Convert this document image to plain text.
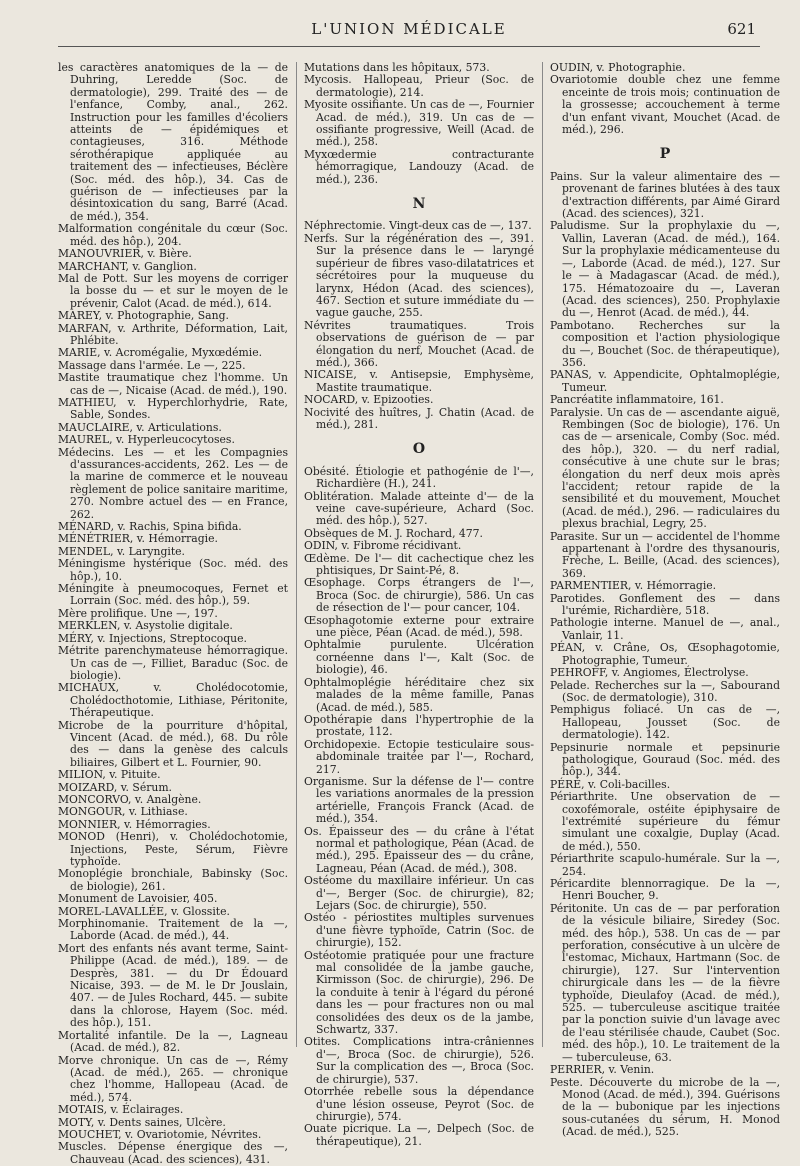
L'UNION MÉDICALE	621

les caractères anatomiques de la — de Duhring, Leredde (Soc. de dermatologie), 299. Traité des — de l'enfance, Comby, anal., 262. Instruction pour les familles d'écoliers atteints de — épidémiques et contagieuses, 316. Méthode sérothérapique appliquée au traitement des — infectieuses, Béclère (Soc. méd. des hôp.), 34. Cas de guérison de — infectieuses par la désintoxication du sang, Barré (Acad. de méd.), 354.

Malformation congénitale du cœur (Soc. méd. des hôp.), 204.

MANOUVRIER, v. Bière.

MARCHANT, v. Ganglion.

Mal de Pott. Sur les moyens de corriger la bosse du — et sur le moyen de le prévenir, Calot (Acad. de méd.), 614.

MAREY, v. Photographie, Sang.

MARFAN, v. Arthrite, Déformation, Lait, Phlébite.

MARIE, v. Acromégalie, Myxœdémie.

Massage dans l'armée. Le —, 225.

Mastite traumatique chez l'homme. Un cas de —, Nicaise (Acad. de méd.), 190.

MATHIEU, v. Hyperchlorhydrie, Rate, Sable, Sondes.

MAUCLAIRE, v. Articulations.

MAUREL, v. Hyperleucocytoses.

Médecins. Les — et les Compagnies d'assurances-accidents, 262. Les — de la marine de commerce et le nouveau règlement de police sanitaire maritime, 270. Nombre actuel des — en France, 262.

MÉNARD, v. Rachis, Spina bifida.

MÉNÉTRIER, v. Hémorragie.

MENDEL, v. Laryngite.

Méningisme hystérique (Soc. méd. des hôp.), 10.

Méningite à pneumocoques, Fernet et Lorrain (Soc. méd. des hôp.), 59.

Mère prolifique. Une —, 197.

MERKLEN, v. Asystolie digitale.

MÉRY, v. Injections, Streptocoque.

Métrite parenchymateuse hémorragique. Un cas de —, Filliet, Baraduc (Soc. de biologie).

MICHAUX, v. Cholédocotomie, Cholédocthotomie, Lithiase, Péritonite, Thérapeutique.

Microbe de la pourriture d'hôpital, Vincent (Acad. de méd.), 68. Du rôle des — dans la genèse des calculs biliaires, Gilbert et L. Fournier, 90.

MILION, v. Pituite.

MOIZARD, v. Sérum.

MONCORVO, v. Analgène.

MONGOUR, v. Lithiase.

MONNIER, v. Hémorragies.

MONOD (Henri), v. Cholédochotomie, Injections, Peste, Sérum, Fièvre typhoïde.

Monoplégie bronchiale, Babinsky (Soc. de biologie), 261.

Monument de Lavoisier, 405.

MOREL-LAVALLÉE, v. Glossite.

Morphinomanie. Traitement de la —, Laborde (Acad. de méd.), 44.

Mort des enfants nés avant terme, Saint-Philippe (Acad. de méd.), 189. — de Desprès, 381. — du Dr Édouard Nicaise, 393. — de M. le Dr Jouslain, 407. — de Jules Rochard, 445. — subite dans la chlorose, Hayem (Soc. méd. des hôp.), 151.

Mortalité infantile. De la —, Lagneau (Acad. de méd.), 82.

Morve chronique. Un cas de —, Rémy (Acad. de méd.), 265. — chronique chez l'homme, Hallopeau (Acad. de méd.), 574.

MOTAIS, v. Éclairages.

MOTY, v. Dents saines, Ulcère.

MOUCHET, v. Ovariotomie, Névrites.

Muscles. Dépense énergique des —, Chauveau (Acad. des sciences), 431.

Mutations dans les hôpitaux, 573.

Mycosis. Hallopeau, Prieur (Soc. de dermatologie), 214.

Myosite ossifiante. Un cas de —, Fournier Acad. de méd.), 319. Un cas de — ossifiante progressive, Weill (Acad. de méd.), 258.

Myxœdermie contracturante hémorragique, Landouzy (Acad. de méd.), 236.

N

Néphrectomie. Vingt-deux cas de —, 137.

Nerfs. Sur la régénération des —, 391. Sur la présence dans le — laryngé supérieur de fibres vaso-dilatatrices et sécrétoires pour la muqueuse du larynx, Hédon (Acad. des sciences), 467. Section et suture immédiate du — vague gauche, 255.

Névrites traumatiques. Trois observations de guérison de — par élongation du nerf, Mouchet (Acad. de méd.), 366.

NICAISE, v. Antisepsie, Emphysème, Mastite traumatique.

NOCARD, v. Epizooties.

Nocivité des huîtres, J. Chatin (Acad. de méd.), 281.

O

Obésité. Étiologie et pathogénie de l'—, Richardière (H.), 241.

Oblitération. Malade atteinte d'— de la veine cave-supérieure, Achard (Soc. méd. des hôp.), 527.

Obsèques de M. J. Rochard, 477.

ODIN, v. Fibrome récidivant.

Œdème. De l'— dit cachectique chez les phtisiques, Dr Saint-Pé, 8.

Œsophage. Corps étrangers de l'—, Broca (Soc. de chirurgie), 586. Un cas de résection de l'— pour cancer, 104.

Œsophagotomie externe pour extraire une pièce, Péan (Acad. de méd.), 598.

Ophtalmie purulente. Ulcération cornéenne dans l'—, Kalt (Soc. de biologie), 46.

Ophtalmoplégie héréditaire chez six malades de la même famille, Panas (Acad. de méd.), 585.

Opothérapie dans l'hypertrophie de la prostate, 112.

Orchidopexie. Ectopie testiculaire sous-abdominale traitée par l'—, Rochard, 217.

Organisme. Sur la défense de l'— contre les variations anormales de la pression artérielle, François Franck (Acad. de méd.), 354.

Os. Épaisseur des — du crâne à l'état normal et pathologique, Péan (Acad. de méd.), 295. Épaisseur des — du crâne, Lagneau, Péan (Acad. de méd.), 308.

Ostéome du maxillaire inférieur. Un cas d'—, Berger (Soc. de chirurgie), 82; Lejars (Soc. de chirurgie), 550.

Ostéo - périostites multiples survenues d'une fièvre typhoïde, Catrin (Soc. de chirurgie), 152.

Ostéotomie pratiquée pour une fracture mal consolidée de la jambe gauche, Kirmisson (Soc. de chirurgie), 296. De la conduite à tenir à l'égard du péroné dans les — pour fractures non ou mal consolidées des deux os de la jambe, Schwartz, 337.

Otites. Complications intra-crâniennes d'—, Broca (Soc. de chirurgie), 526. Sur la complication des —, Broca (Soc. de chirurgie), 537.

Otorrhée rebelle sous la dépendance d'une lésion osseuse, Peyrot (Soc. de chirurgie), 574.

Ouate picrique. La —, Delpech (Soc. de thérapeutique), 21.

OUDIN, v. Photographie.

Ovariotomie double chez une femme enceinte de trois mois; continuation de la grossesse; accouchement à terme d'un enfant vivant, Mouchet (Acad. de méd.), 296.

P

Pains. Sur la valeur alimentaire des — provenant de farines blutées à des taux d'extraction différents, par Aimé Girard (Acad. des sciences), 321.

Paludisme. Sur la prophylaxie du —, Vallin, Laveran (Acad. de méd.), 164. Sur la prophylaxie médicamenteuse du —, Laborde (Acad. de méd.), 127. Sur le — à Madagascar (Acad. de méd.), 175. Hématozoaire du —, Laveran (Acad. des sciences), 250. Prophylaxie du —, Henrot (Acad. de méd.), 44.

Pambotano. Recherches sur la composition et l'action physiologique du —, Bouchet (Soc. de thérapeutique), 356.

PANAS, v. Appendicite, Ophtalmoplégie, Tumeur.

Pancréatite inflammatoire, 161.

Paralysie. Un cas de — ascendante aiguë, Rembingen (Soc de biologie), 176. Un cas de — arsenicale, Comby (Soc. méd. des hôp.), 320. — du nerf radial, consécutive à une chute sur le bras; élongation du nerf deux mois après l'accident; retour rapide de la sensibilité et du mouvement, Mouchet (Acad. de méd.), 296. — radiculaires du plexus brachial, Legry, 25.

Parasite. Sur un — accidentel de l'homme appartenant à l'ordre des thysanouris, Frèche, L. Beille, (Acad. des sciences), 369.

PARMENTIER, v. Hémorragie.

Parotides. Gonflement des — dans l'urémie, Richardière, 518.

Pathologie interne. Manuel de —, anal., Vanlair, 11.

PÉAN, v. Crâne, Os, Œsophagotomie, Photographie, Tumeur.

PEHROFF, v. Angiomes, Électrolyse.

Pelade. Recherches sur la —, Sabourand (Soc. de dermatologie), 310.

Pemphigus foliacé. Un cas de —, Hallopeau, Jousset (Soc. de dermatologie). 142.

Pepsinurie normale et pepsinurie pathologique, Gouraud (Soc. méd. des hôp.), 344.

PÉRÉ, v. Coli-bacilles.

Périarthrite. Une observation de — coxofémorale, ostéite épiphysaire de l'extrémité supérieure du fémur simulant une coxalgie, Duplay (Acad. de méd.), 550.

Périarthrite scapulo-humérale. Sur la —, 254.

Péricardite blennorragique. De la —, Henri Boucher, 9.

Péritonite. Un cas de — par perforation de la vésicule biliaire, Siredey (Soc. méd. des hôp.), 538. Un cas de — par perforation, consécutive à un ulcère de l'estomac, Michaux, Hartmann (Soc. de chirurgie), 127. Sur l'intervention chirurgicale dans les — de la fièvre typhoïde, Dieulafoy (Acad. de méd.), 525. — tuberculeuse ascitique traitée par la ponction suivie d'un lavage avec de l'eau stérilisée chaude, Caubet (Soc. méd. des hôp.), 10. Le traitement de la — tuberculeuse, 63.

PERRIER, v. Venin.

Peste. Découverte du microbe de la —, Monod (Acad. de méd.), 394. Guérisons de la — bubonique par les injections sous-cutanées du sérum, H. Monod (Acad. de méd.), 525.
